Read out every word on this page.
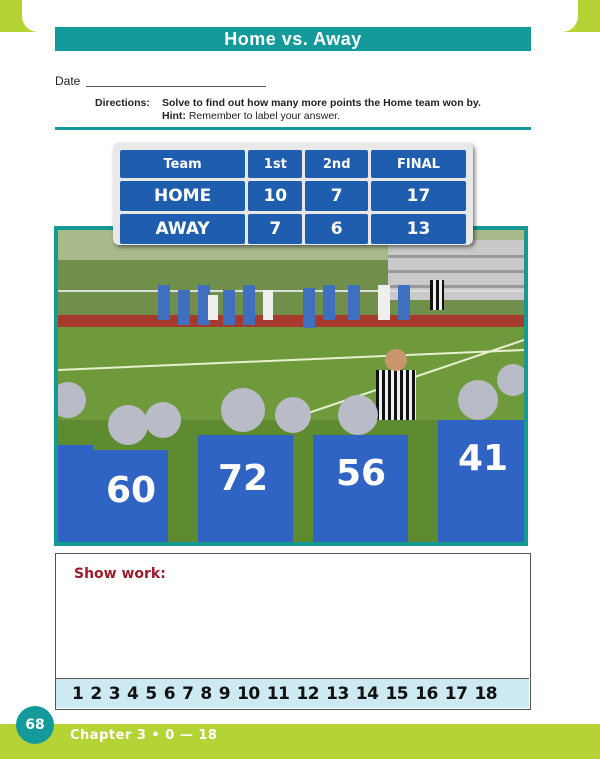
Home vs. Away
Date
Directions: Solve to find out how many more points the Home team won by.
Hint: Remember to label your answer.
60 72 56 41
Team	1st	2nd	FINAL
HOME	10	7	17
AWAY	7	6	13
Show work:
1 2 3 4 5 6 7 8 9 10 11 12 13 14 15 16 17 18
Chapter 3 • 0 — 18
68
